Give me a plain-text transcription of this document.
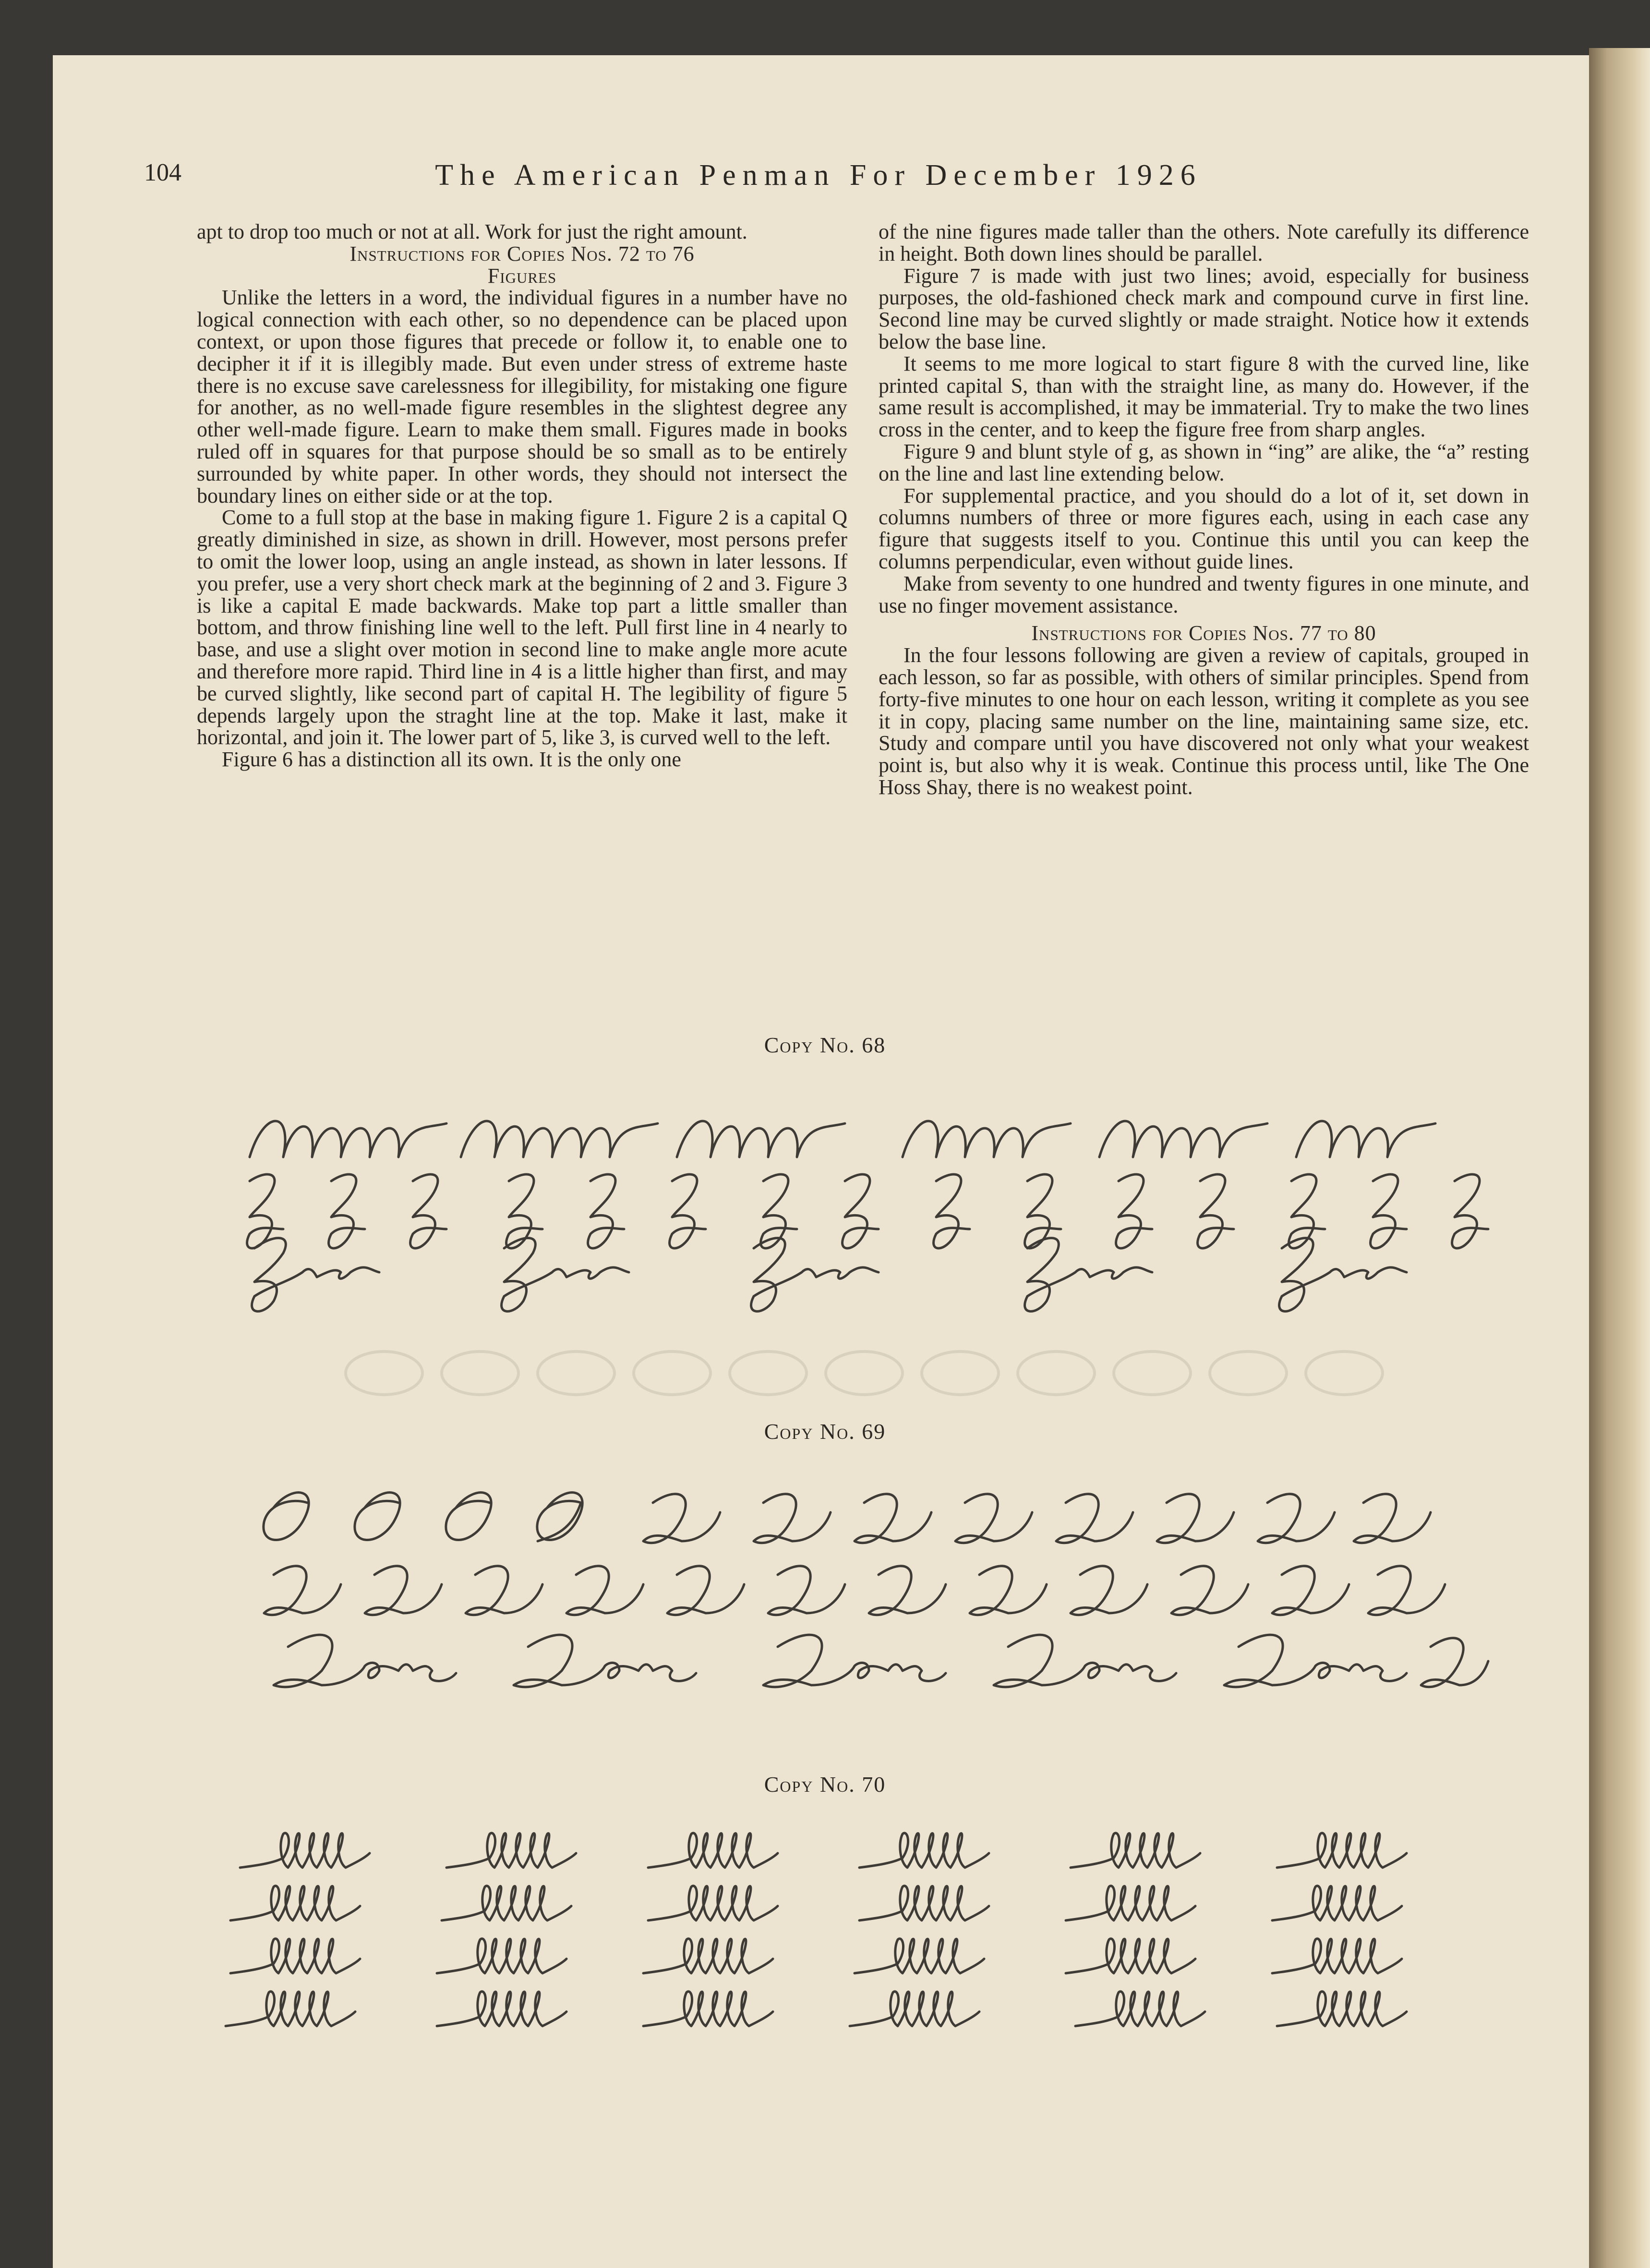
104	The American Penman For December 1926

apt to drop too much or not at all. Work for just the right amount.

Instructions for Copies Nos. 72 to 76

Figures

Unlike the letters in a word, the individual figures in a number have no logical connection with each other, so no dependence can be placed upon context, or upon those figures that precede or follow it, to enable one to decipher it if it is illegibly made. But even under stress of extreme haste there is no excuse save carelessness for illegibility, for mistaking one figure for another, as no well-made figure resembles in the slightest degree any other well-made figure. Learn to make them small. Figures made in books ruled off in squares for that purpose should be so small as to be entirely surrounded by white paper. In other words, they should not intersect the boundary lines on either side or at the top.

Come to a full stop at the base in making figure 1. Figure 2 is a capital Q greatly diminished in size, as shown in drill. However, most persons prefer to omit the lower loop, using an angle instead, as shown in later lessons. If you prefer, use a very short check mark at the beginning of 2 and 3. Figure 3 is like a capital E made backwards. Make top part a little smaller than bottom, and throw finishing line well to the left. Pull first line in 4 nearly to base, and use a slight over motion in second line to make angle more acute and therefore more rapid. Third line in 4 is a little higher than first, and may be curved slightly, like second part of capital H. The legibility of figure 5 depends largely upon the straght line at the top. Make it last, make it horizontal, and join it. The lower part of 5, like 3, is curved well to the left.

Figure 6 has a distinction all its own. It is the only one

of the nine figures made taller than the others. Note carefully its difference in height. Both down lines should be parallel.

Figure 7 is made with just two lines; avoid, especially for business purposes, the old-fashioned check mark and compound curve in first line. Second line may be curved slightly or made straight. Notice how it extends below the base line.

It seems to me more logical to start figure 8 with the curved line, like printed capital S, than with the straight line, as many do. However, if the same result is accomplished, it may be immaterial. Try to make the two lines cross in the center, and to keep the figure free from sharp angles.

Figure 9 and blunt style of g, as shown in “ing” are alike, the “a” resting on the line and last line extending below.

For supplemental practice, and you should do a lot of it, set down in columns numbers of three or more figures each, using in each case any figure that suggests itself to you. Continue this until you can keep the columns perpendicular, even without guide lines.

Make from seventy to one hundred and twenty figures in one minute, and use no finger movement assistance.

Instructions for Copies Nos. 77 to 80

In the four lessons following are given a review of capitals, grouped in each lesson, so far as possible, with others of similar principles. Spend from forty-five minutes to one hour on each lesson, writing it complete as you see it in copy, placing same number on the line, maintaining same size, etc. Study and compare until you have discovered not only what your weakest point is, but also why it is weak. Continue this process until, like The One Hoss Shay, there is no weakest point.

Copy No. 68
Copy No. 69
Copy No. 70
